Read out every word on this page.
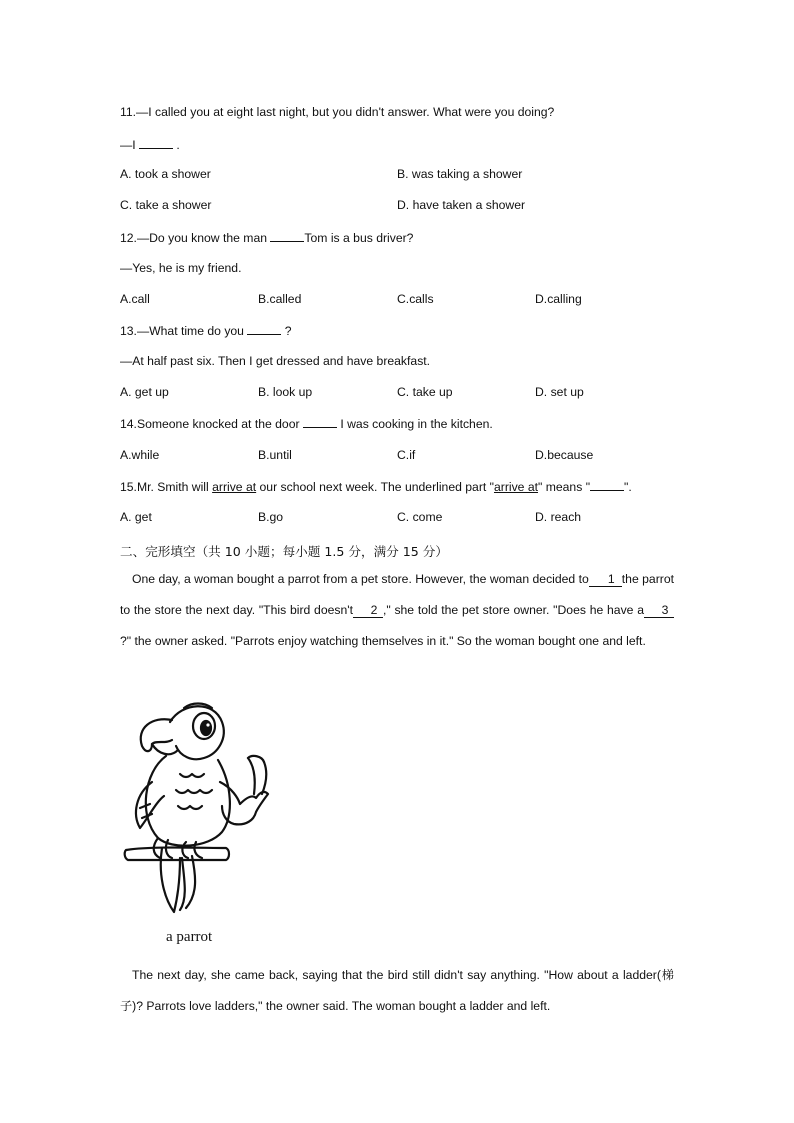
11.—I called you at eight last night, but you didn't answer. What were you doing?
—I	.
A. took a shower	B. was taking a shower
C. take a shower	D. have taken a shower
12.—Do you know the man	Tom is a bus driver?
—Yes, he is my friend.
A.call	B.called	C.calls	D.calling
13.—What time do you	?
—At half past six. Then I get dressed and have breakfast.
A. get up	B. look up	C. take up	D. set up
14.Someone knocked at the door	I was cooking in the kitchen.
A.while	B.until	C.if	D.because
15.Mr. Smith will arrive at our school next week. The underlined part "arrive at" means "	".
A. get	B.go	C. come	D. reach
二、完形填空（共 10 小题；每小题 1.5 分，满分 15 分）
One day, a woman bought a parrot from a pet store. However, the woman decided to 1 the parrot to the store the next day. "This bird doesn't 2 ," she told the pet store owner. "Does he have a 3?" the owner asked. "Parrots enjoy watching themselves in it." So the woman bought one and left.
a parrot
The next day, she came back, saying that the bird still didn't say anything. "How about a ladder(梯子)? Parrots love ladders," the owner said. The woman bought a ladder and left.
